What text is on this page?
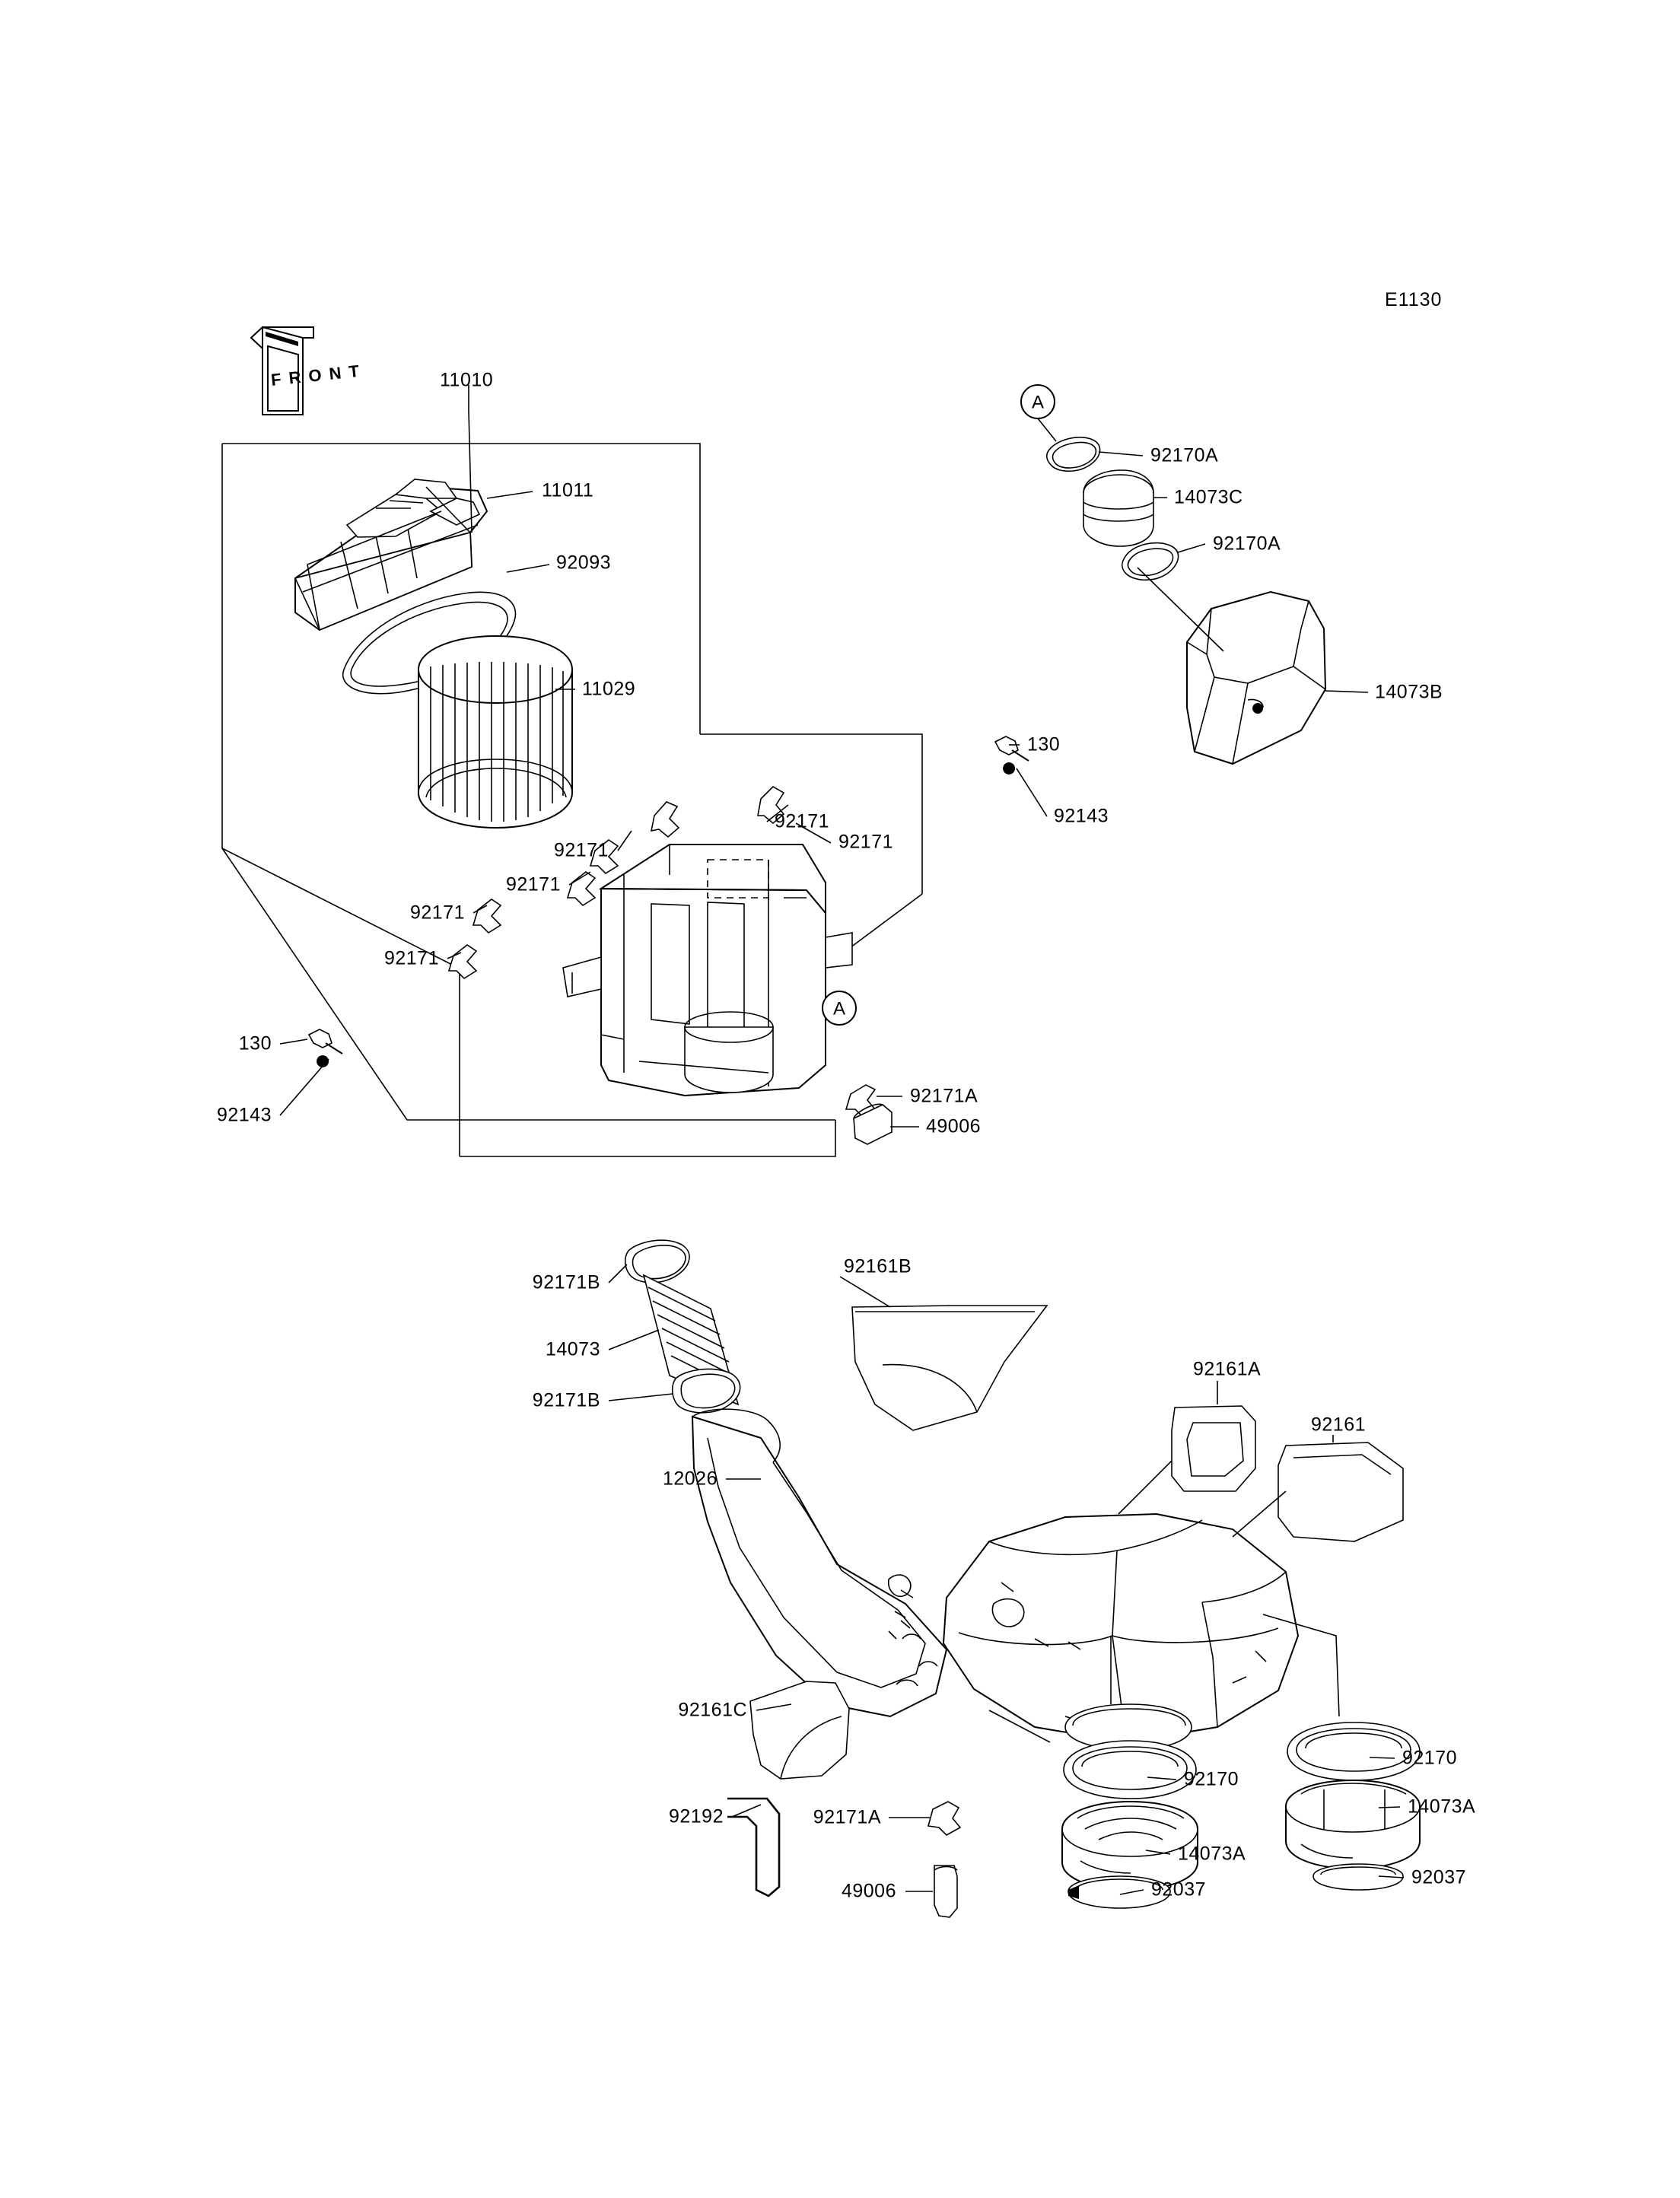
F R O N T
A
A
11010
11011
92093
11029
92171
92171
92171
92171
92171
92171
130
92143
130
92143
92171A
49006
92170A
14073C
92170A
14073B
92171B
14073
92171B
12026
92161B
92161A
92161
92161C
92192	92171A
49006
92170
14073A
92037
92170
14073A
92037
E1130
